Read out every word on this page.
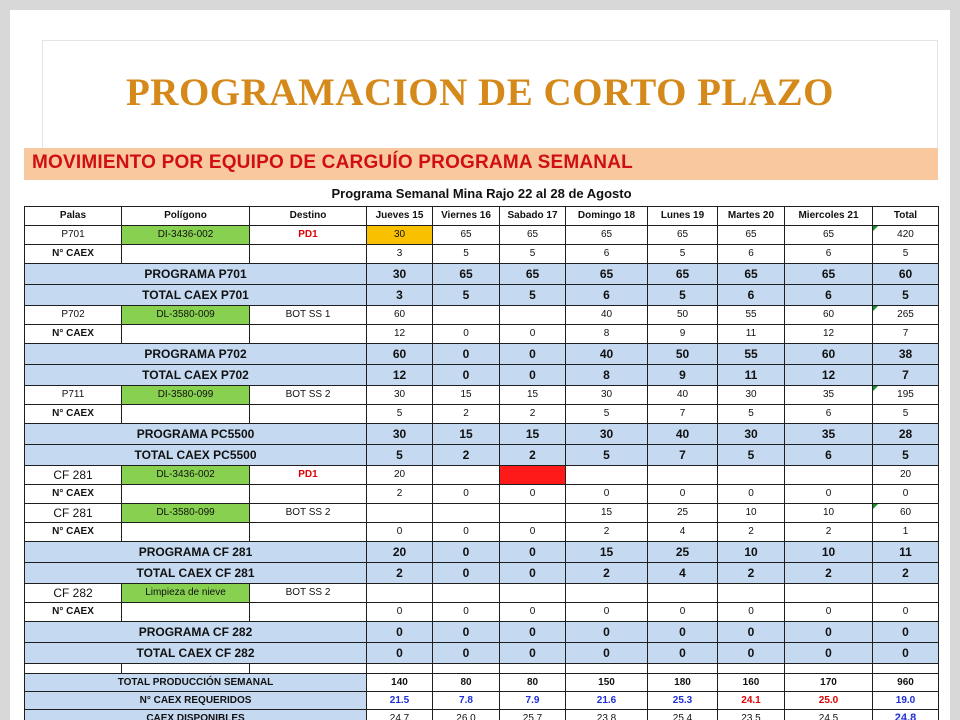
PROGRAMACION DE CORTO PLAZO
MOVIMIENTO POR EQUIPO DE CARGUÍO PROGRAMA SEMANAL
Programa Semanal Mina Rajo 22 al 28 de Agosto										
Palas	Polígono	Destino	Jueves 15	Viernes 16	Sabado 17	Domingo 18	Lunes 19	Martes 20	Miercoles 21	Total
P701	DI-3436-002	PD1	30	65	65	65	65	65	65	420
N° CAEX			3	5	5	6	5	6	6	5
PROGRAMA P701			30	65	65	65	65	65	65	60
TOTAL CAEX P701			3	5	5	6	5	6	6	5
P702	DL-3580-009	BOT SS 1	60			40	50	55	60	265
N° CAEX			12	0	0	8	9	11	12	7
PROGRAMA P702			60	0	0	40	50	55	60	38
TOTAL CAEX P702			12	0	0	8	9	11	12	7
P711	DI-3580-099	BOT SS 2	30	15	15	30	40	30	35	195
N° CAEX			5	2	2	5	7	5	6	5
PROGRAMA PC5500			30	15	15	30	40	30	35	28
TOTAL CAEX PC5500			5	2	2	5	7	5	6	5
CF 281	DL-3436-002	PD1	20							20
N° CAEX			2	0	0	0	0	0	0	0
CF 281	DL-3580-099	BOT SS 2				15	25	10	10	60
N° CAEX			0	0	0	2	4	2	2	1
PROGRAMA CF 281			20	0	0	15	25	10	10	11
TOTAL CAEX CF 281			2	0	0	2	4	2	2	2
CF 282	Limpieza de nieve	BOT SS 2								
N° CAEX			0	0	0	0	0	0	0	0
PROGRAMA CF 282			0	0	0	0	0	0	0	0
TOTAL CAEX CF 282			0	0	0	0	0	0	0	0

TOTAL PRODUCCIÓN SEMANAL			140	80	80	150	180	160	170	960
N° CAEX REQUERIDOS			21.5	7.8	7.9	21.6	25.3	24.1	25.0	19.0
CAEX DISPONIBLES			24.7	26.0	25.7	23.8	25.4	23.5	24.5	24.8
